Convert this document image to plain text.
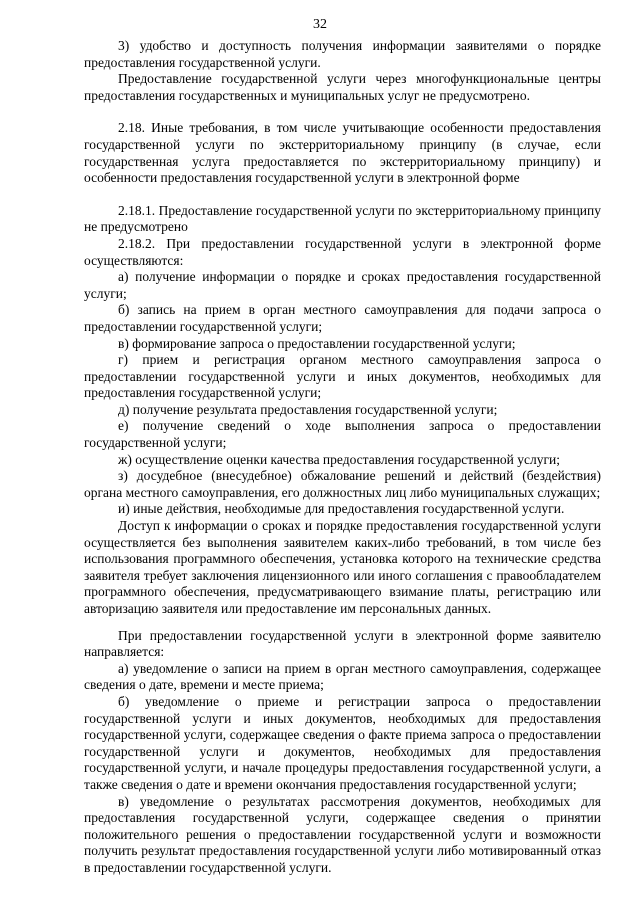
32

3) удобство и доступность получения информации заявителями о порядке предоставления государственной услуги.

Предоставление государственной услуги через многофункциональные центры предоставления государственных и муниципальных услуг не предусмотрено.

2.18. Иные требования, в том числе учитывающие особенности предоставления государственной услуги по экстерриториальному принципу (в случае, если государственная услуга предоставляется по экстерриториальному принципу) и особенности предоставления государственной услуги в электронной форме

2.18.1. Предоставление государственной услуги по экстерриториальному принципу не предусмотрено

2.18.2. При предоставлении государственной услуги в электронной форме осуществляются:

а) получение информации о порядке и сроках предоставления государственной услуги;

б) запись на прием в орган местного самоуправления для подачи запроса о предоставлении государственной услуги;

в) формирование запроса о предоставлении государственной услуги;

г) прием и регистрация органом местного самоуправления запроса о предоставлении государственной услуги и иных документов, необходимых для предоставления государственной услуги;

д) получение результата предоставления государственной услуги;

е) получение сведений о ходе выполнения запроса о предоставлении государственной услуги;

ж) осуществление оценки качества предоставления государственной услуги;

з) досудебное (внесудебное) обжалование решений и действий (бездействия) органа местного самоуправления, его должностных лиц либо муниципальных служащих;

и) иные действия, необходимые для предоставления государственной услуги.

Доступ к информации о сроках и порядке предоставления государственной услуги осуществляется без выполнения заявителем каких-либо требований, в том числе без использования программного обеспечения, установка которого на технические средства заявителя требует заключения лицензионного или иного соглашения с правообладателем программного обеспечения, предусматривающего взимание платы, регистрацию или авторизацию заявителя или предоставление им персональных данных.

При предоставлении государственной услуги в электронной форме заявителю направляется:

а) уведомление о записи на прием в орган местного самоуправления, содержащее сведения о дате, времени и месте приема;

б) уведомление о приеме и регистрации запроса о предоставлении государственной услуги и иных документов, необходимых для предоставления государственной услуги, содержащее сведения о факте приема запроса о предоставлении государственной услуги и документов, необходимых для предоставления государственной услуги, и начале процедуры предоставления государственной услуги, а также сведения о дате и времени окончания предоставления государственной услуги;

в) уведомление о результатах рассмотрения документов, необходимых для предоставления государственной услуги, содержащее сведения о принятии положительного решения о предоставлении государственной услуги и возможности получить результат предоставления государственной услуги либо мотивированный отказ в предоставлении государственной услуги.
